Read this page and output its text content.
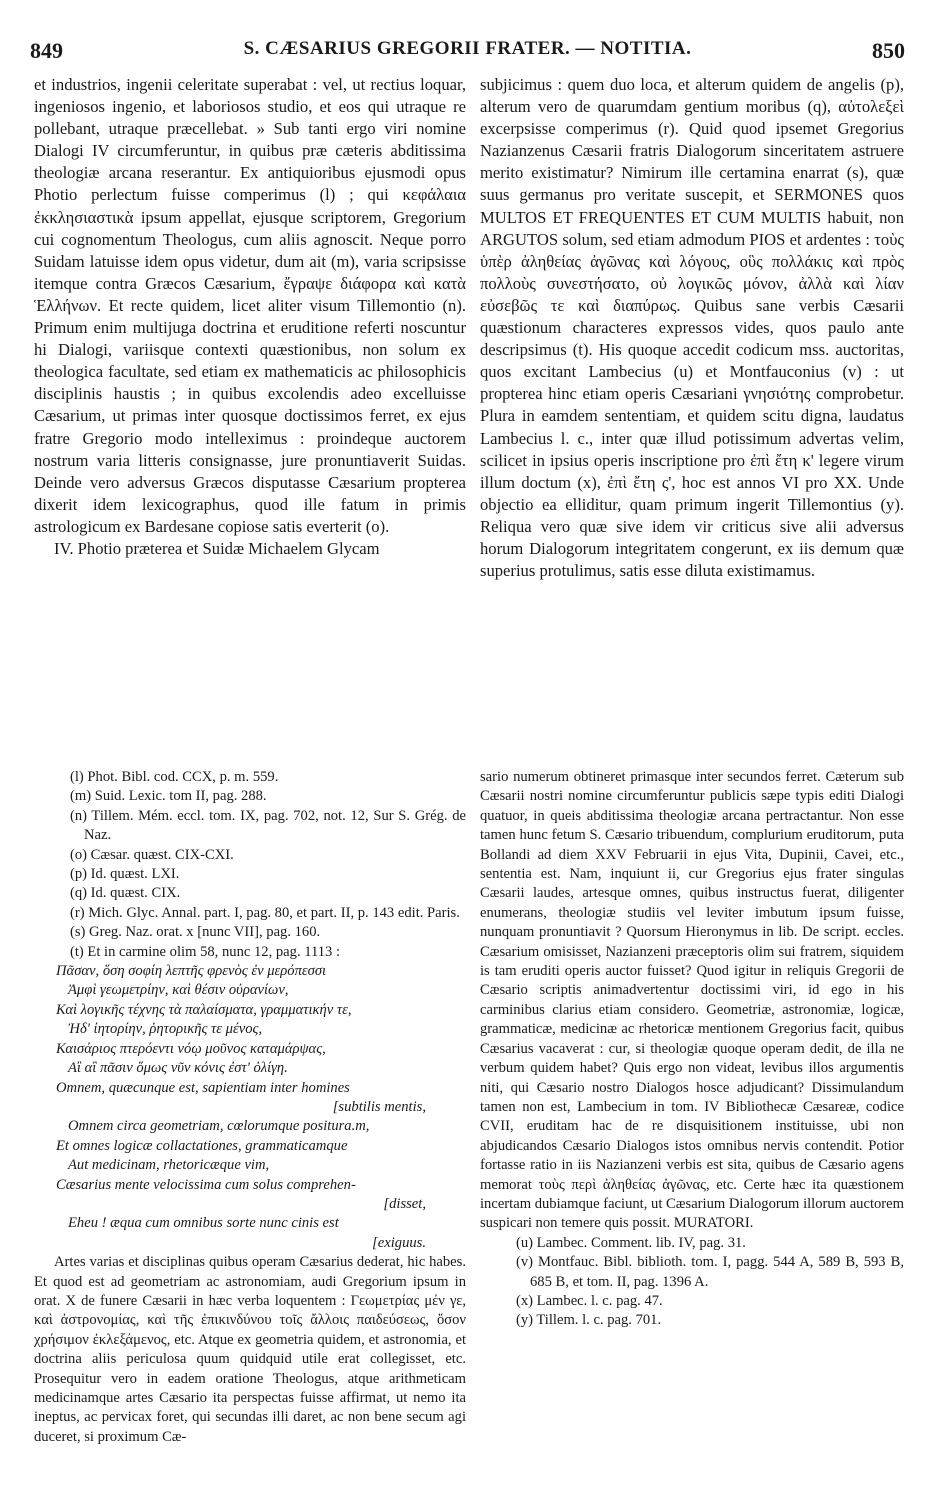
S. CÆSARIUS GREGORII FRATER. — NOTITIA.
849	850

et industrios, ingenii celeritate superabat : vel, ut rectius loquar, ingeniosos ingenio, et laboriosos studio, et eos qui utraque re pollebant, utraque præcellebat. » Sub tanti ergo viri nomine Dialogi IV circumferuntur, in quibus præ cæteris abditissima theologiæ arcana reserantur. Ex antiquioribus ejusmodi opus Photio perlectum fuisse comperimus (l) ; qui κεφάλαια ἐκκλησιαστικὰ ipsum appellat, ejusque scriptorem, Gregorium cui cognomentum Theologus, cum aliis agnoscit. Neque porro Suidam latuisse idem opus videtur, dum ait (m), varia scripsisse itemque contra Græcos Cæsarium, ἔγραψε διάφορα καὶ κατὰ Ἑλλήνων. Et recte quidem, licet aliter visum Tillemontio (n). Primum enim multijuga doctrina et eruditione referti noscuntur hi Dialogi, variisque contexti quæstionibus, non solum ex theologica facultate, sed etiam ex mathematicis ac philosophicis disciplinis haustis ; in quibus excolendis adeo excelluisse Cæsarium, ut primas inter quosque doctissimos ferret, ex ejus fratre Gregorio modo intelleximus : proindeque auctorem nostrum varia litteris consignasse, jure pronuntiaverit Suidas. Deinde vero adversus Græcos disputasse Cæsarium propterea dixerit idem lexicographus, quod ille fatum in primis astrologicum ex Bardesane copiose satis everterit (o).

IV. Photio præterea et Suidæ Michaelem Glycam

subjicimus : quem duo loca, et alterum quidem de angelis (p), alterum vero de quarumdam gentium moribus (q), αὐτολεξεὶ excerpsisse comperimus (r). Quid quod ipsemet Gregorius Nazianzenus Cæsarii fratris Dialogorum sinceritatem astruere merito existimatur? Nimirum ille certamina enarrat (s), quæ suus germanus pro veritate suscepit, et SERMONES quos MULTOS ET FREQUENTES ET CUM MULTIS habuit, non ARGUTOS solum, sed etiam admodum PIOS et ardentes : τοὺς ὑπὲρ ἀληθείας ἀγῶνας καὶ λόγους, οὓς πολλάκις καὶ πρὸς πολλοὺς συνεστήσατο, οὐ λογικῶς μόνον, ἀλλὰ καὶ λίαν εὐσεβῶς τε καὶ διαπύρως. Quibus sane verbis Cæsarii quæstionum characteres expressos vides, quos paulo ante descripsimus (t). His quoque accedit codicum mss. auctoritas, quos excitant Lambecius (u) et Montfauconius (v) : ut propterea hinc etiam operis Cæsariani γνησιότης comprobetur. Plura in eamdem sententiam, et quidem scitu digna, laudatus Lambecius l. c., inter quæ illud potissimum advertas velim, scilicet in ipsius operis inscriptione pro ἐπὶ ἔτη κ' legere virum illum doctum (x), ἐπὶ ἔτη ς', hoc est annos VI pro XX. Unde objectio ea elliditur, quam primum ingerit Tillemontius (y). Reliqua vero quæ sive idem vir criticus sive alii adversus horum Dialogorum integritatem congerunt, ex iis demum quæ superius protulimus, satis esse diluta existimamus.

(l) Phot. Bibl. cod. CCX, p. m. 559.
(m) Suid. Lexic. tom II, pag. 288.
(n) Tillem. Mém. eccl. tom. IX, pag. 702, not. 12, Sur S. Grég. de Naz.
(o) Cæsar. quæst. CIX-CXI.
(p) Id. quæst. LXI.
(q) Id. quæst. CIX.
(r) Mich. Glyc. Annal. part. I, pag. 80, et part. II, p. 143 edit. Paris.
(s) Greg. Naz. orat. x [nunc VII], pag. 160.
(t) Et in carmine olim 58, nunc 12, pag. 1113 :
Πᾶσαν, ὅση σοφίη λεπτῆς φρενὸς ἐν μερόπεσσι
Ἀμφὶ γεωμετρίην, καὶ θέσιν οὐρανίων,
Καὶ λογικῆς τέχνης τὰ παλαίσματα, γραμματικήν τε,
Ἠδ' ἰητορίην, ῥητορικῆς τε μένος,
Καισάριος πτερόεντι νόῳ μοῦνος καταμάρψας,
Αἲ αἲ πᾶσιν ὅμως νῦν κόνις ἐστ' ὀλίγη.
Omnem, quæcunque est, sapientiam inter homines
[subtilis mentis,
Omnem circa geometriam, cœlorumque positura.m,
Et omnes logicæ collactationes, grammaticamque
Aut medicinam, rhetoricæque vim,
Cæsarius mente velocissima cum solus comprehen-
[disset,
Eheu ! æqua cum omnibus sorte nunc cinis est
[exiguus.

Artes varias et disciplinas quibus operam Cæsarius dederat, hic habes. Et quod est ad geometriam ac astronomiam, audi Gregorium ipsum in orat. X de funere Cæsarii in hæc verba loquentem : Γεωμετρίας μέν γε, καὶ ἀστρονομίας, καὶ τῆς ἐπικινδύνου τοῖς ἄλλοις παιδεύσεως, ὅσον χρήσιμον ἐκλεξάμενος, etc. Atque ex geometria quidem, et astronomia, et doctrina aliis periculosa quum quidquid utile erat collegisset, etc. Prosequitur vero in eadem oratione Theologus, atque arithmeticam medicinamque artes Cæsario ita perspectas fuisse affirmat, ut nemo ita ineptus, ac pervicax foret, qui secundas illi daret, ac non bene secum agi duceret, si proximum Cæ-

sario numerum obtineret primasque inter secundos ferret. Cæterum sub Cæsarii nostri nomine circumferuntur publicis sæpe typis editi Dialogi quatuor, in queis abditissima theologiæ arcana pertractantur. Non esse tamen hunc fetum S. Cæsario tribuendum, complurium eruditorum, puta Bollandi ad diem XXV Februarii in ejus Vita, Dupinii, Cavei, etc., sententia est. Nam, inquiunt ii, cur Gregorius ejus frater singulas Cæsarii laudes, artesque omnes, quibus instructus fuerat, diligenter enumerans, theologiæ studiis vel leviter imbutum ipsum fuisse, nunquam pronuntiavit ? Quorsum Hieronymus in lib. De script. eccles. Cæsarium omisisset, Nazianzeni præceptoris olim sui fratrem, siquidem is tam eruditi operis auctor fuisset? Quod igitur in reliquis Gregorii de Cæsario scriptis animadvertentur doctissimi viri, id ego in his carminibus clarius etiam considero. Geometriæ, astronomiæ, logicæ, grammaticæ, medicinæ ac rhetoricæ mentionem Gregorius facit, quibus Cæsarius vacaverat : cur, si theologiæ quoque operam dedit, de illa ne verbum quidem habet? Quis ergo non videat, levibus illos argumentis niti, qui Cæsario nostro Dialogos hosce adjudicant? Dissimulandum tamen non est, Lambecium in tom. IV Bibliothecæ Cæsareæ, codice CVII, eruditam hac de re disquisitionem instituisse, ubi non abjudicandos Cæsario Dialogos istos omnibus nervis contendit. Potior fortasse ratio in iis Nazianzeni verbis est sita, quibus de Cæsario agens memorat τοὺς περὶ ἀληθείας ἀγῶνας, etc. Certe hæc ita quæstionem incertam dubiamque faciunt, ut Cæsarium Dialogorum illorum auctorem suspicari non temere quis possit. MURATORI.

(u) Lambec. Comment. lib. IV, pag. 31.
(v) Montfauc. Bibl. biblioth. tom. I, pagg. 544 A, 589 B, 593 B, 685 B, et tom. II, pag. 1396 A.
(x) Lambec. l. c. pag. 47.
(y) Tillem. l. c. pag. 701.
